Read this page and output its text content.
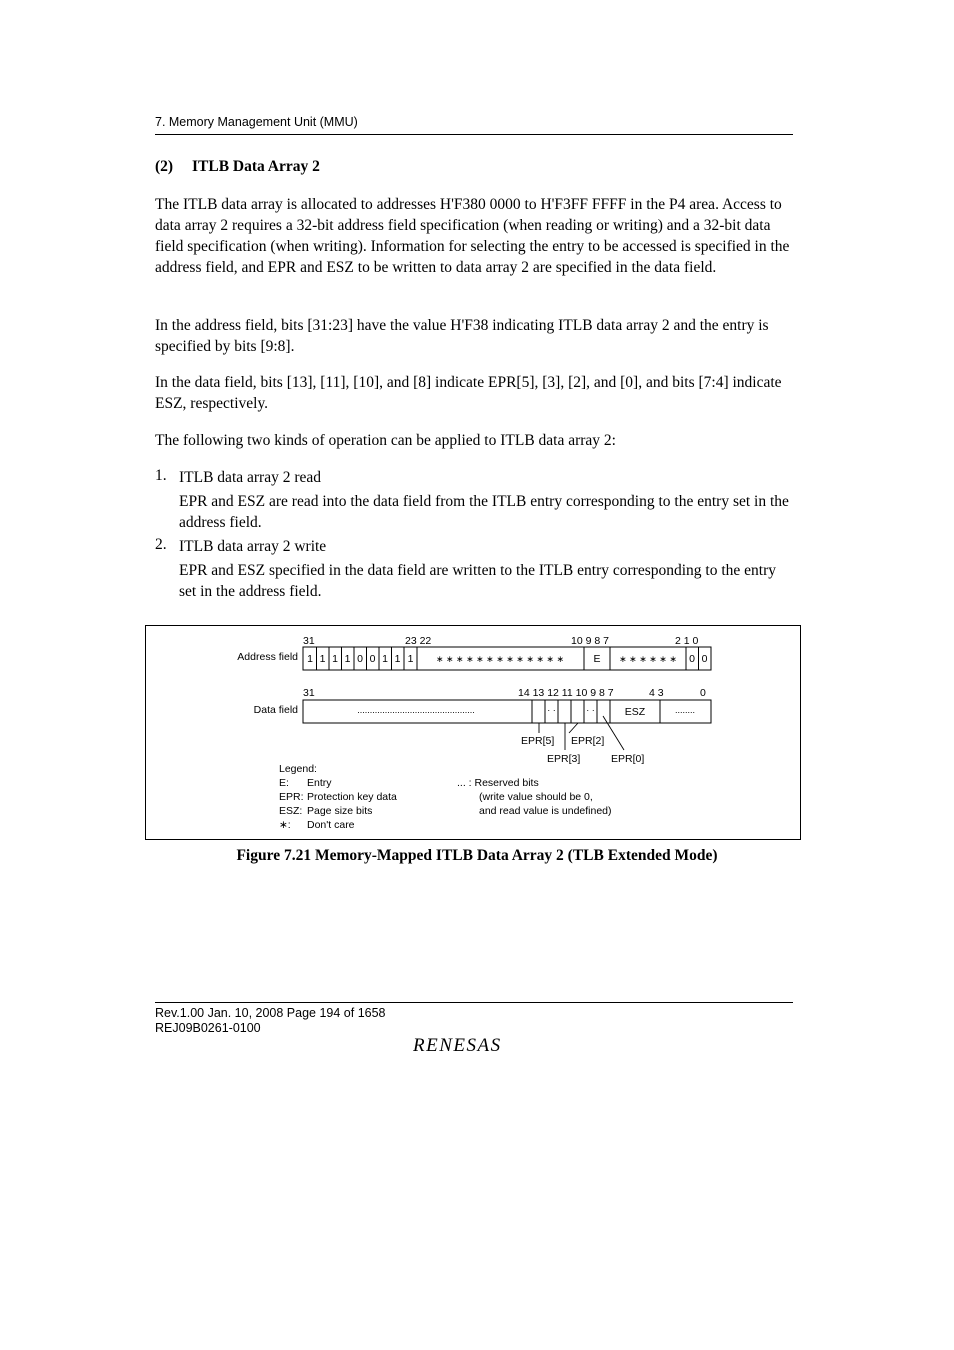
7. Memory Management Unit (MMU)
(2) ITLB Data Array 2
The ITLB data array is allocated to addresses H'F380 0000 to H'F3FF FFFF in the P4 area. Access to data array 2 requires a 32-bit address field specification (when reading or writing) and a 32-bit data field specification (when writing). Information for selecting the entry to be accessed is specified in the address field, and EPR and ESZ to be written to data array 2 are specified in the data field.
In the address field, bits [31:23] have the value H'F38 indicating ITLB data array 2 and the entry is specified by bits [9:8].
In the data field, bits [13], [11], [10], and [8] indicate EPR[5], [3], [2], and [0], and bits [7:4] indicate ESZ, respectively.
The following two kinds of operation can be applied to ITLB data array 2:
1. ITLB data array 2 read
EPR and ESZ are read into the data field from the ITLB entry corresponding to the entry set in the address field.
2. ITLB data array 2 write
EPR and ESZ specified in the data field are written to the ITLB entry corresponding to the entry set in the address field.
Address field
31	23 22	10 9 8 7	2 1 0
1 1 1 1 0 0 1 1 1	∗ ∗ ∗ ∗ ∗ ∗ ∗ ∗ ∗ ∗ ∗ ∗ ∗	E ∗ ∗ ∗ ∗ ∗ ∗ 0 0
Data field
31	14 13 12 11 10 9 8 7	4 3	0
...............................................	· ·	· ·	ESZ	........
EPR[5] EPR[2]
EPR[3]	EPR[0]
Legend:
E: Entry
EPR: Protection key data
ESZ: Page size bits
∗: Don't care
... : Reserved bits
(write value should be 0,
and read value is undefined)
Figure 7.21 Memory-Mapped ITLB Data Array 2 (TLB Extended Mode)
Rev.1.00 Jan. 10, 2008 Page 194 of 1658
REJ09B0261-0100
RENESAS
